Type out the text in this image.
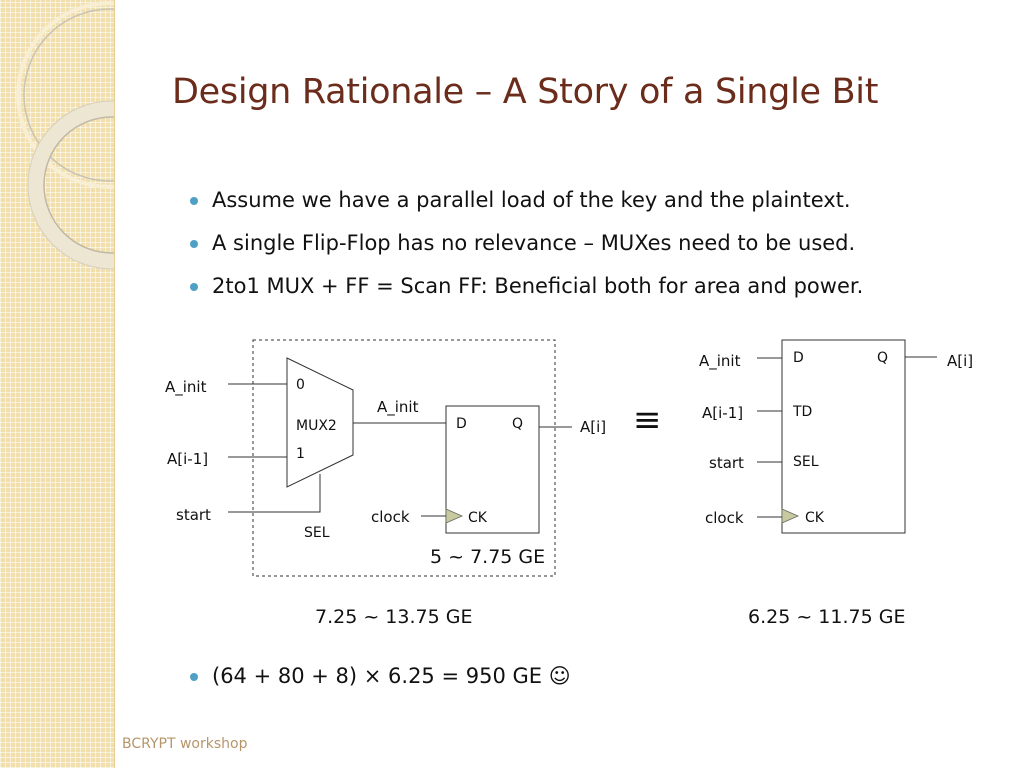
Design Rationale – A Story of a Single Bit
Assume we have a parallel load of the key and the plaintext.
A single Flip-Flop has no relevance – MUXes need to be used.
2to1 MUX + FF = Scan FF: Beneficial both for area and power.
0
MUX2
1
A_init
A[i-1]
start
SEL
A_init
D	Q
CK
clock
A[i]
5 ~ 7.75 GE
7.25 ~ 13.75 GE
≡
D	Q
TD
SEL
CK
A_init
A[i-1]
start
clock
A[i]
6.25 ~ 11.75 GE
(64 + 80 + 8) × 6.25 = 950 GE ☺
BCRYPT workshop
